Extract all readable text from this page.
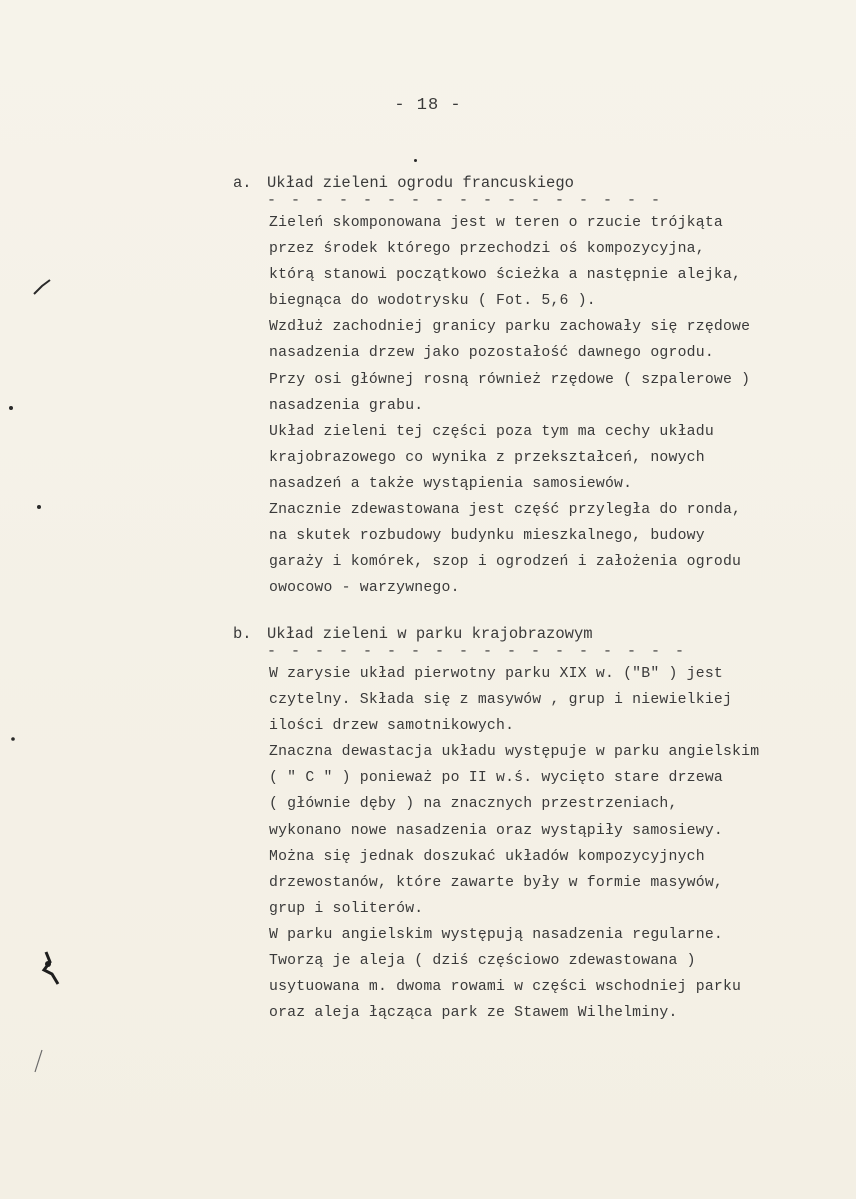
- 18 -
a. Układ zieleni ogrodu francuskiego
- - - - - - - - - - - - - - - - -
Zieleń skomponowana jest w teren o rzucie trójkąta
przez środek którego przechodzi oś kompozycyjna,
którą stanowi początkowo ścieżka a następnie alejka,
biegnąca do wodotrysku ( Fot. 5,6 ).
Wzdłuż zachodniej granicy parku zachowały się rzędowe
nasadzenia drzew jako pozostałość dawnego ogrodu.
Przy osi głównej rosną również rzędowe ( szpalerowe )
nasadzenia grabu.
Układ zieleni tej części poza tym ma cechy układu
krajobrazowego co wynika z przekształceń, nowych
nasadzeń a także wystąpienia samosiewów.
Znacznie zdewastowana jest część przyległa do ronda,
na skutek rozbudowy budynku mieszkalnego, budowy
garaży i komórek, szop i ogrodzeń i założenia ogrodu
owocowo - warzywnego.
b. Układ zieleni w parku krajobrazowym
- - - - - - - - - - - - - - - - - -
W zarysie układ pierwotny parku XIX w. ("B" ) jest
czytelny. Składa się z masywów , grup i niewielkiej
ilości drzew samotnikowych.
Znaczna dewastacja układu występuje w parku angielskim
( " C " ) ponieważ po II w.ś. wycięto stare drzewa
( głównie dęby ) na znacznych przestrzeniach,
wykonano nowe nasadzenia oraz wystąpiły samosiewy.
Można się jednak doszukać układów kompozycyjnych
drzewostanów, które zawarte były w formie masywów,
grup i soliterów.
W parku angielskim występują nasadzenia regularne.
Tworzą je aleja ( dziś częściowo zdewastowana )
usytuowana m. dwoma rowami w części wschodniej parku
oraz aleja łącząca park ze Stawem Wilhelminy.
